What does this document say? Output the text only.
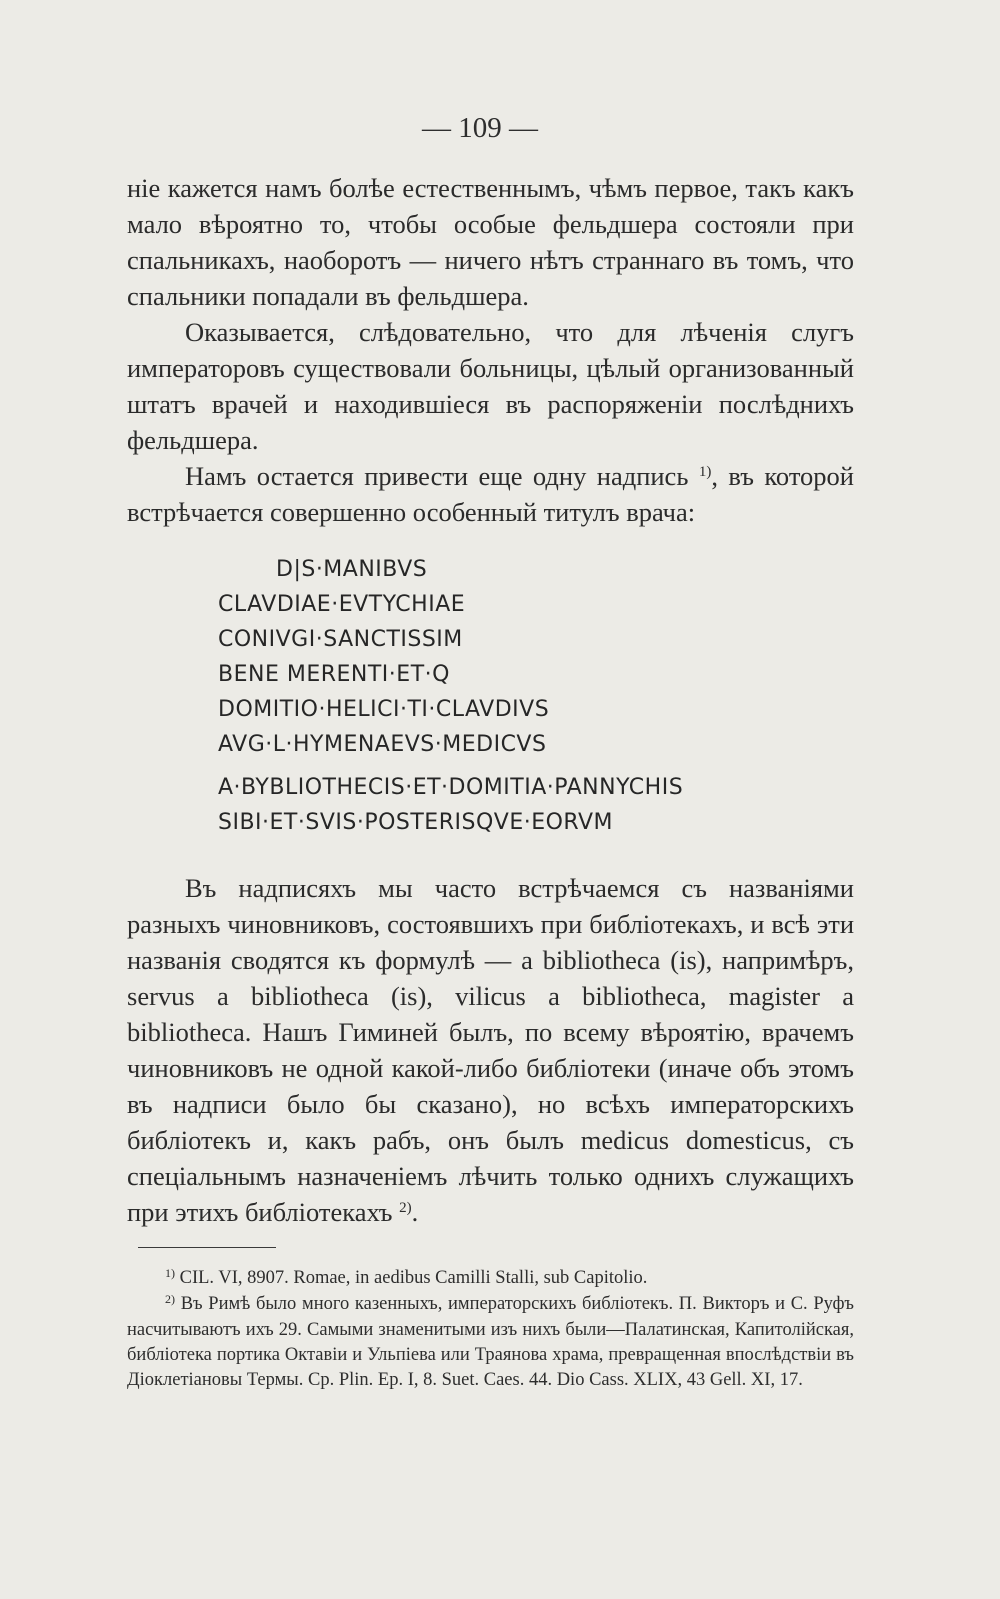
— 109 —

ніе кажется намъ болѣе естественнымъ, чѣмъ первое, такъ какъ мало вѣроятно то, чтобы особые фельдшера состояли при спальникахъ, наоборотъ — ничего нѣтъ страннаго въ томъ, что спальники попадали въ фельдшера.

Оказывается, слѣдовательно, что для лѣченія слугъ императоровъ существовали больницы, цѣлый организованный штатъ врачей и находившіеся въ распоряженіи послѣднихъ фельдшера.

Намъ остается привести еще одну надпись $^{1)}$, въ которой встрѣчается совершенно особенный титулъ врача:

D|S·MANIBVS
CLAVDIAE·EVTYCHIAE
CONIVGI·SANCTISSIM
BENE MERENTI·ET·Q
DOMITIO·HELICI·TI·CLAVDIVS
AVG·L·HYMENAEVS·MEDICVS
A·BYBLIOTHECIS·ET·DOMITIA·PANNYCHIS
SIBI·ET·SVIS·POSTERISQVE·EORVM

Въ надписяхъ мы часто встрѣчаемся съ названіями разныхъ чиновниковъ, состоявшихъ при библіотекахъ, и всѣ эти названія сводятся къ формулѣ — a bibliotheca (is), напримѣръ, servus a bibliotheca (is), vilicus a bibliotheca, magister a bibliotheca. Нашъ Гиминей былъ, по всему вѣроятію, врачемъ чиновниковъ не одной какой-либо библіотеки (иначе объ этомъ въ надписи было бы сказано), но всѣхъ императорскихъ библіотекъ и, какъ рабъ, онъ былъ medicus domesticus, съ спеціальнымъ назначеніемъ лѣчить только однихъ служащихъ при этихъ библіотекахъ $^{2)}$.

$^{1)}$ CIL. VI, 8907. Romae, in aedibus Camilli Stalli, sub Capitolio.

$^{2)}$ Въ Римѣ было много казенныхъ, императорскихъ библіотекъ. П. Викторъ и С. Руфъ насчитываютъ ихъ 29. Самыми знаменитыми изъ нихъ были—Палатинская, Капитолійская, библіотека портика Октавіи и Ульпіева или Траянова храма, превращенная впослѣдствіи въ Діоклетіановы Термы. Ср. Plin. Ep. I, 8. Suet. Caes. 44. Dio Cass. XLIX, 43 Gell. XI, 17.
